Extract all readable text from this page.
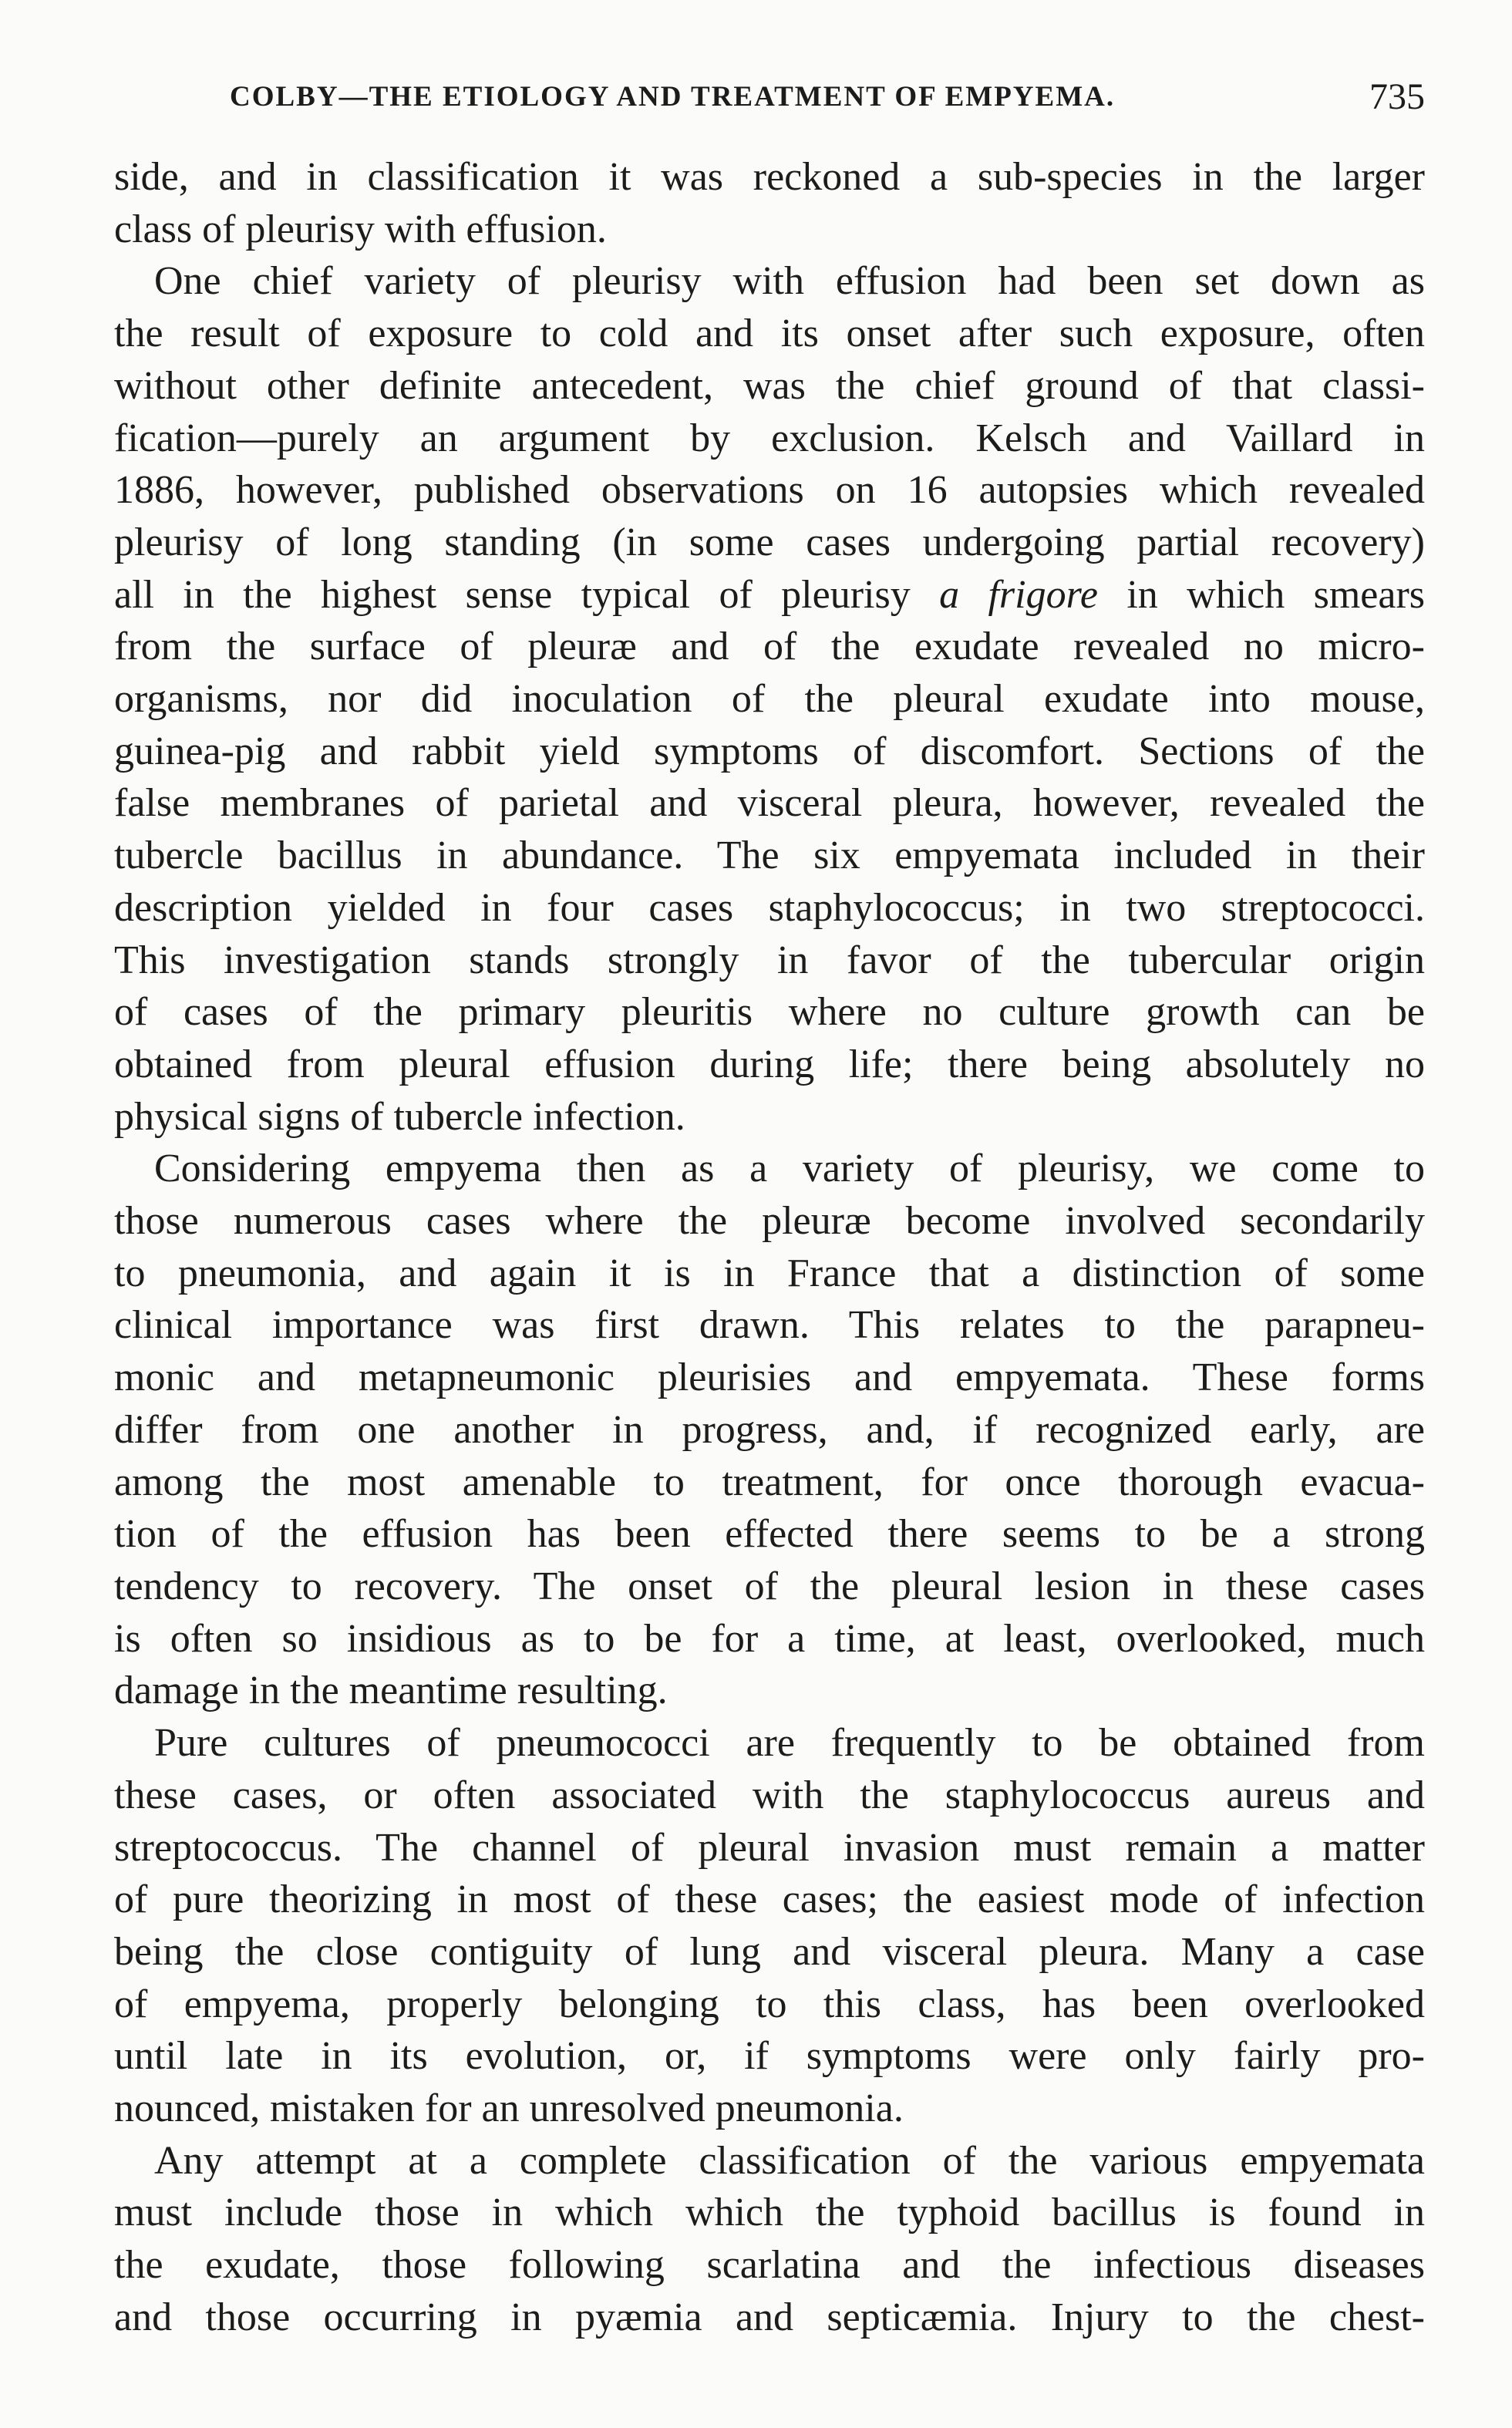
COLBY—THE ETIOLOGY AND TREATMENT OF EMPYEMA.	735
side, and in classification it was reckoned a sub-species in the larger
class of pleurisy with effusion.
One chief variety of pleurisy with effusion had been set down as
the result of exposure to cold and its onset after such exposure, often
without other definite antecedent, was the chief ground of that classi-
fication—purely an argument by exclusion. Kelsch and Vaillard in
1886, however, published observations on 16 autopsies which revealed
pleurisy of long standing (in some cases undergoing partial recovery)
all in the highest sense typical of pleurisy a frigore in which smears
from the surface of pleuræ and of the exudate revealed no micro-
organisms, nor did inoculation of the pleural exudate into mouse,
guinea-pig and rabbit yield symptoms of discomfort. Sections of the
false membranes of parietal and visceral pleura, however, revealed the
tubercle bacillus in abundance. The six empyemata included in their
description yielded in four cases staphylococcus; in two streptococci.
This investigation stands strongly in favor of the tubercular origin
of cases of the primary pleuritis where no culture growth can be
obtained from pleural effusion during life; there being absolutely no
physical signs of tubercle infection.
Considering empyema then as a variety of pleurisy, we come to
those numerous cases where the pleuræ become involved secondarily
to pneumonia, and again it is in France that a distinction of some
clinical importance was first drawn. This relates to the parapneu-
monic and metapneumonic pleurisies and empyemata. These forms
differ from one another in progress, and, if recognized early, are
among the most amenable to treatment, for once thorough evacua-
tion of the effusion has been effected there seems to be a strong
tendency to recovery. The onset of the pleural lesion in these cases
is often so insidious as to be for a time, at least, overlooked, much
damage in the meantime resulting.
Pure cultures of pneumococci are frequently to be obtained from
these cases, or often associated with the staphylococcus aureus and
streptococcus. The channel of pleural invasion must remain a matter
of pure theorizing in most of these cases; the easiest mode of infection
being the close contiguity of lung and visceral pleura. Many a case
of empyema, properly belonging to this class, has been overlooked
until late in its evolution, or, if symptoms were only fairly pro-
nounced, mistaken for an unresolved pneumonia.
Any attempt at a complete classification of the various empyemata
must include those in which which the typhoid bacillus is found in
the exudate, those following scarlatina and the infectious diseases
and those occurring in pyæmia and septicæmia. Injury to the chest-
